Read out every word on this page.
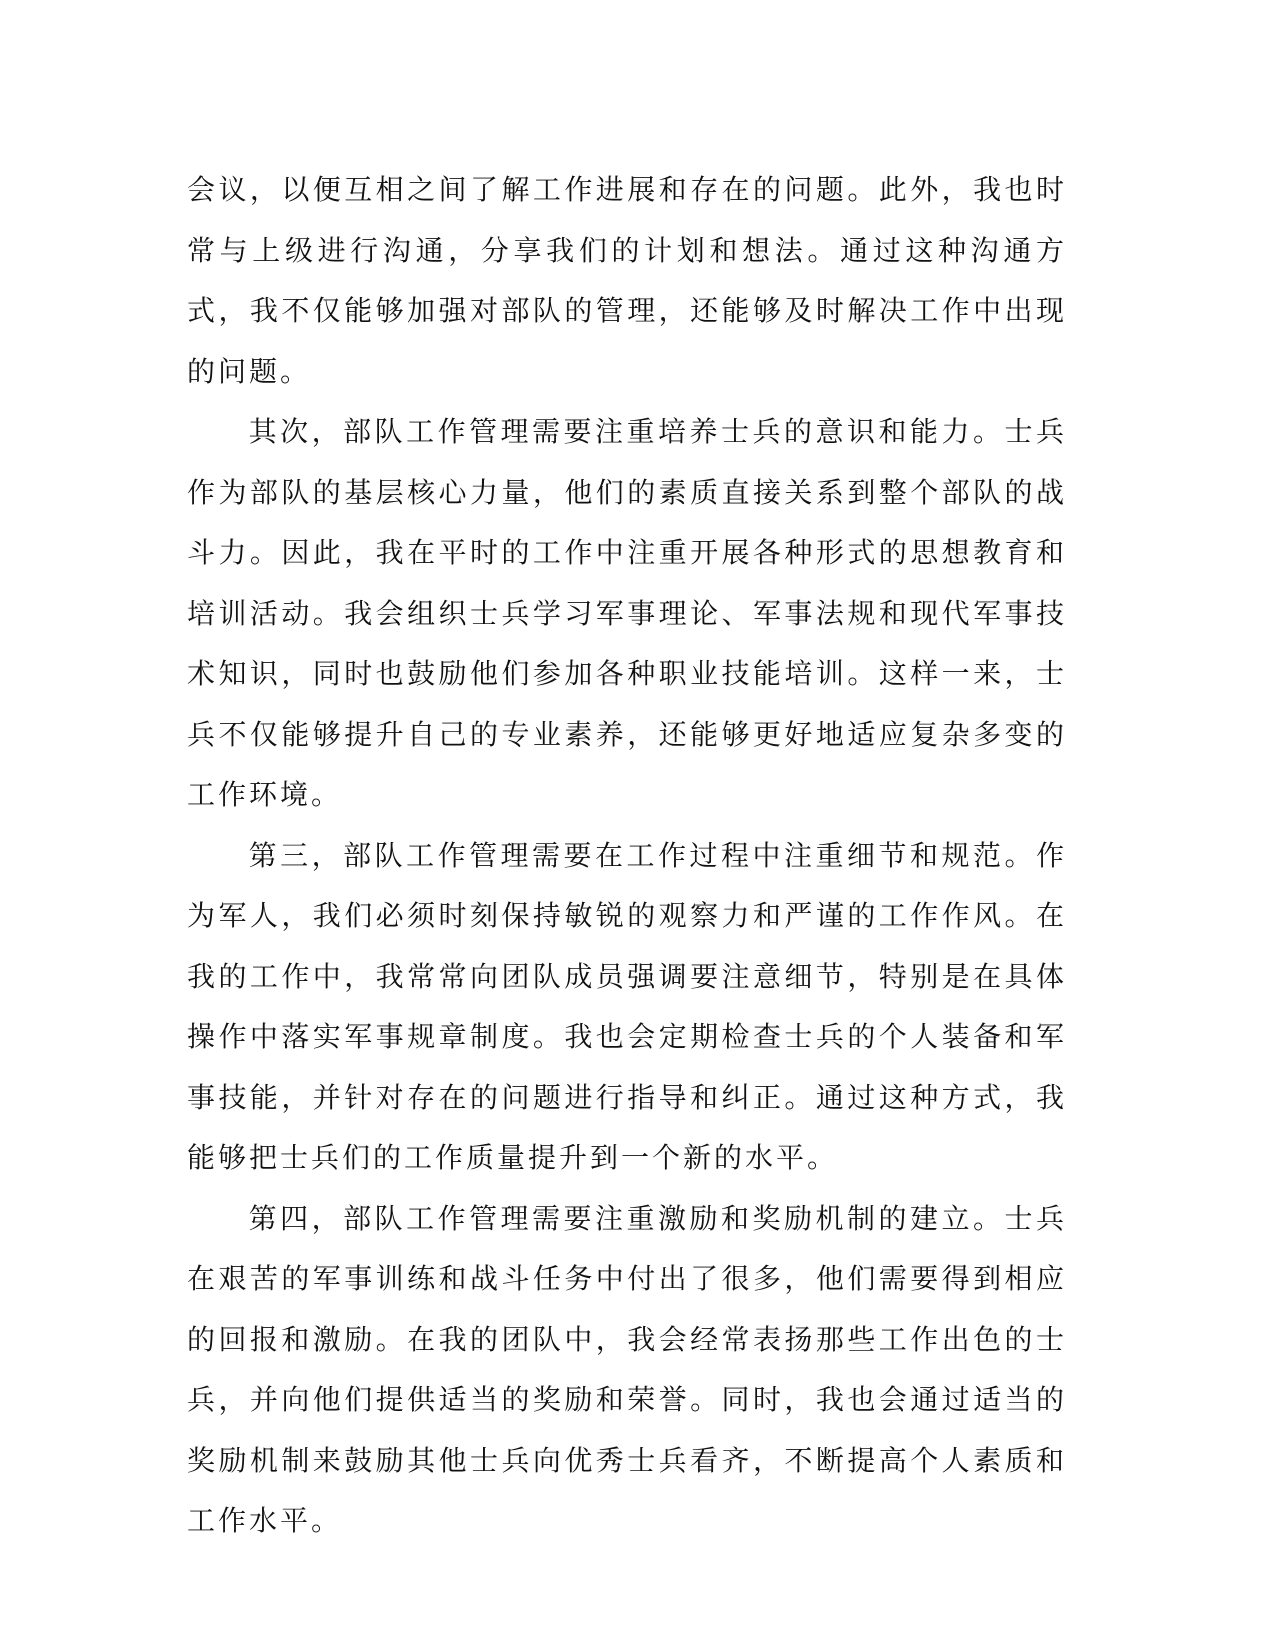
会议，以便互相之间了解工作进展和存在的问题。此外，我也时常与上级进行沟通，分享我们的计划和想法。通过这种沟通方式，我不仅能够加强对部队的管理，还能够及时解决工作中出现的问题。

其次，部队工作管理需要注重培养士兵的意识和能力。士兵作为部队的基层核心力量，他们的素质直接关系到整个部队的战斗力。因此，我在平时的工作中注重开展各种形式的思想教育和培训活动。我会组织士兵学习军事理论、军事法规和现代军事技术知识，同时也鼓励他们参加各种职业技能培训。这样一来，士兵不仅能够提升自己的专业素养，还能够更好地适应复杂多变的工作环境。

第三，部队工作管理需要在工作过程中注重细节和规范。作为军人，我们必须时刻保持敏锐的观察力和严谨的工作作风。在我的工作中，我常常向团队成员强调要注意细节，特别是在具体操作中落实军事规章制度。我也会定期检查士兵的个人装备和军事技能，并针对存在的问题进行指导和纠正。通过这种方式，我能够把士兵们的工作质量提升到一个新的水平。

第四，部队工作管理需要注重激励和奖励机制的建立。士兵在艰苦的军事训练和战斗任务中付出了很多，他们需要得到相应的回报和激励。在我的团队中，我会经常表扬那些工作出色的士兵，并向他们提供适当的奖励和荣誉。同时，我也会通过适当的奖励机制来鼓励其他士兵向优秀士兵看齐，不断提高个人素质和工作水平。
